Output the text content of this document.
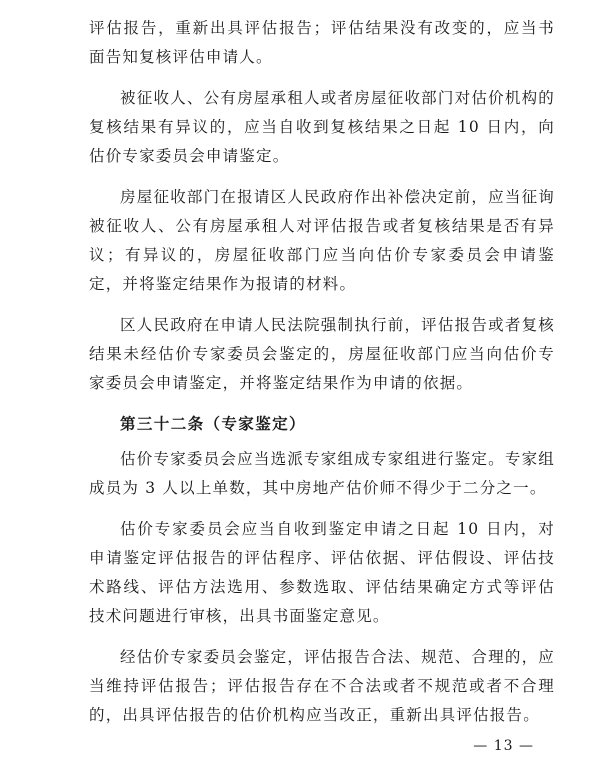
评估报告，重新出具评估报告；评估结果没有改变的，应当书面告知复核评估申请人。

被征收人、公有房屋承租人或者房屋征收部门对估价机构的复核结果有异议的，应当自收到复核结果之日起 10 日内，向估价专家委员会申请鉴定。

房屋征收部门在报请区人民政府作出补偿决定前，应当征询被征收人、公有房屋承租人对评估报告或者复核结果是否有异议；有异议的，房屋征收部门应当向估价专家委员会申请鉴定，并将鉴定结果作为报请的材料。

区人民政府在申请人民法院强制执行前，评估报告或者复核结果未经估价专家委员会鉴定的，房屋征收部门应当向估价专家委员会申请鉴定，并将鉴定结果作为申请的依据。

第三十二条（专家鉴定）

估价专家委员会应当选派专家组成专家组进行鉴定。专家组成员为 3 人以上单数，其中房地产估价师不得少于二分之一。

估价专家委员会应当自收到鉴定申请之日起 10 日内，对申请鉴定评估报告的评估程序、评估依据、评估假设、评估技术路线、评估方法选用、参数选取、评估结果确定方式等评估技术问题进行审核，出具书面鉴定意见。

经估价专家委员会鉴定，评估报告合法、规范、合理的，应当维持评估报告；评估报告存在不合法或者不规范或者不合理的，出具评估报告的估价机构应当改正，重新出具评估报告。

— 13 —
